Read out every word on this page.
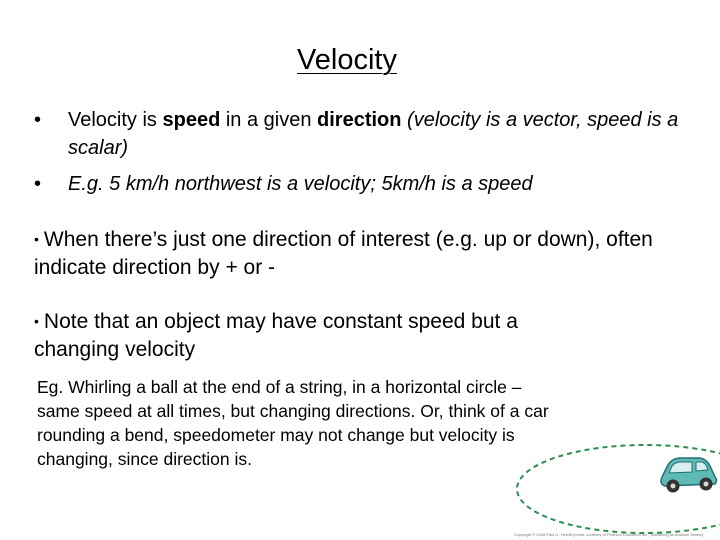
Velocity
•	Velocity is speed in a given direction (velocity is a vector, speed is a scalar)
•	E.g. 5 km/h northwest is a velocity; 5km/h is a speed
• When there’s just one direction of interest (e.g. up or down), often indicate direction by + or -
• Note that an object may have constant speed but a changing velocity
Eg. Whirling a ball at the end of a string, in a horizontal circle – same speed at all times, but changing directions. Or, think of a car rounding a bend, speedometer may not change but velocity is changing, since direction is.
Copyright © 2008 Paul G. Hewitt (credit; courtesy of Pearson Education Inc., publishing as Addison Wesley
